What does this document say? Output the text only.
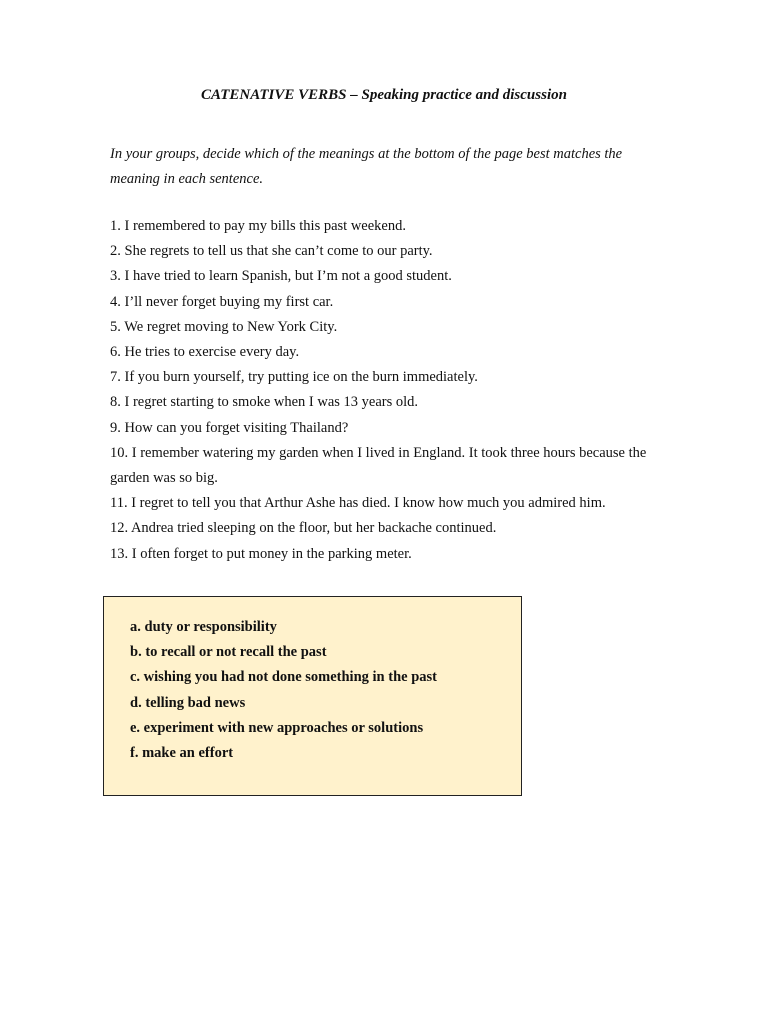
CATENATIVE VERBS – Speaking practice and discussion
In your groups, decide which of the meanings at the bottom of the page best matches the meaning in each sentence.
1. I remembered to pay my bills this past weekend.
2. She regrets to tell us that she can’t come to our party.
3. I have tried to learn Spanish, but I’m not a good student.
4. I’ll never forget buying my first car.
5. We regret moving to New York City.
6. He tries to exercise every day.
7. If you burn yourself, try putting ice on the burn immediately.
8. I regret starting to smoke when I was 13 years old.
9. How can you forget visiting Thailand?
10. I remember watering my garden when I lived in England. It took three hours because the garden was so big.
11. I regret to tell you that Arthur Ashe has died. I know how much you admired him.
12. Andrea tried sleeping on the floor, but her backache continued.
13. I often forget to put money in the parking meter.
a. duty or responsibility
b. to recall or not recall the past
c. wishing you had not done something in the past
d. telling bad news
e. experiment with new approaches or solutions
f. make an effort
